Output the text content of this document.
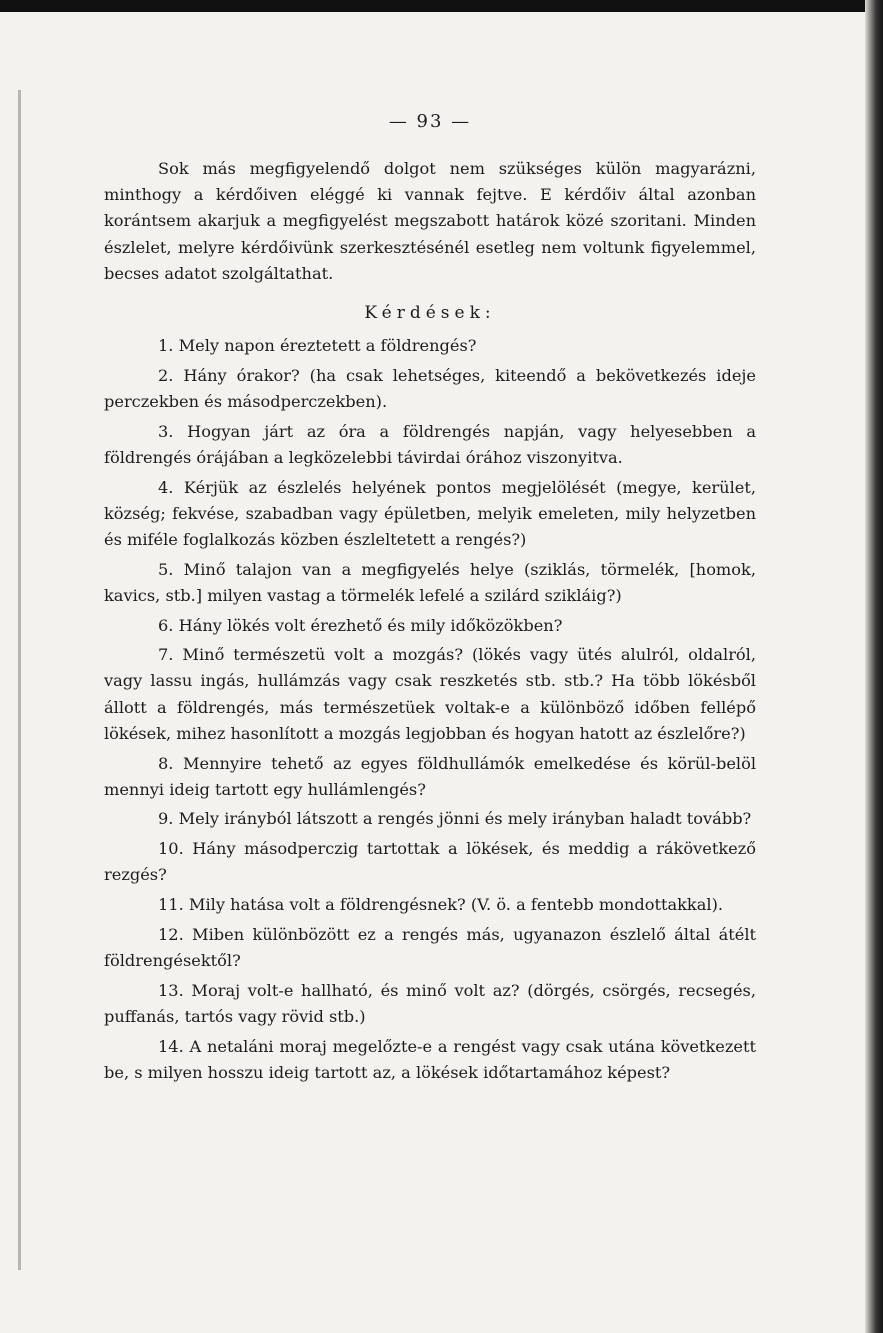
— 93 —

Sok más megfigyelendő dolgot nem szükséges külön magyarázni, minthogy a kérdőiven eléggé ki vannak fejtve. E kérdőiv által azonban korántsem akarjuk a megfigyelést megszabott határok közé szoritani. Minden észlelet, melyre kérdőivünk szerkesztésénél esetleg nem voltunk figyelemmel, becses adatot szolgáltathat.

Kérdések:

1. Mely napon éreztetett a földrengés?

2. Hány órakor? (ha csak lehetséges, kiteendő a bekövetkezés ideje perczekben és másodperczekben).

3. Hogyan járt az óra a földrengés napján, vagy helyesebben a földrengés órájában a legközelebbi távirdai órához viszonyitva.

4. Kérjük az észlelés helyének pontos megjelölését (megye, kerület, község; fekvése, szabadban vagy épületben, melyik emeleten, mily helyzetben és miféle foglalkozás közben észleltetett a rengés?)

5. Minő talajon van a megfigyelés helye (sziklás, törmelék, [homok, kavics, stb.] milyen vastag a törmelék lefelé a szilárd szikláig?)

6. Hány lökés volt érezhető és mily időközökben?

7. Minő természetü volt a mozgás? (lökés vagy ütés alulról, oldalról, vagy lassu ingás, hullámzás vagy csak reszketés stb. stb.? Ha több lökésből állott a földrengés, más természetüek voltak-e a különböző időben fellépő lökések, mihez hasonlított a mozgás legjobban és hogyan hatott az észlelőre?)

8. Mennyire tehető az egyes földhullámók emelkedése és körül-belöl mennyi ideig tartott egy hullámlengés?

9. Mely irányból látszott a rengés jönni és mely irányban haladt tovább?

10. Hány másodperczig tartottak a lökések, és meddig a rákövetkező rezgés?

11. Mily hatása volt a földrengésnek? (V. ö. a fentebb mondottakkal).

12. Miben különbözött ez a rengés más, ugyanazon észlelő által átélt földrengésektől?

13. Moraj volt-e hallható, és minő volt az? (dörgés, csörgés, recsegés, puffanás, tartós vagy rövid stb.)

14. A netaláni moraj megelőzte-e a rengést vagy csak utána következett be, s milyen hosszu ideig tartott az, a lökések időtartamához képest?
